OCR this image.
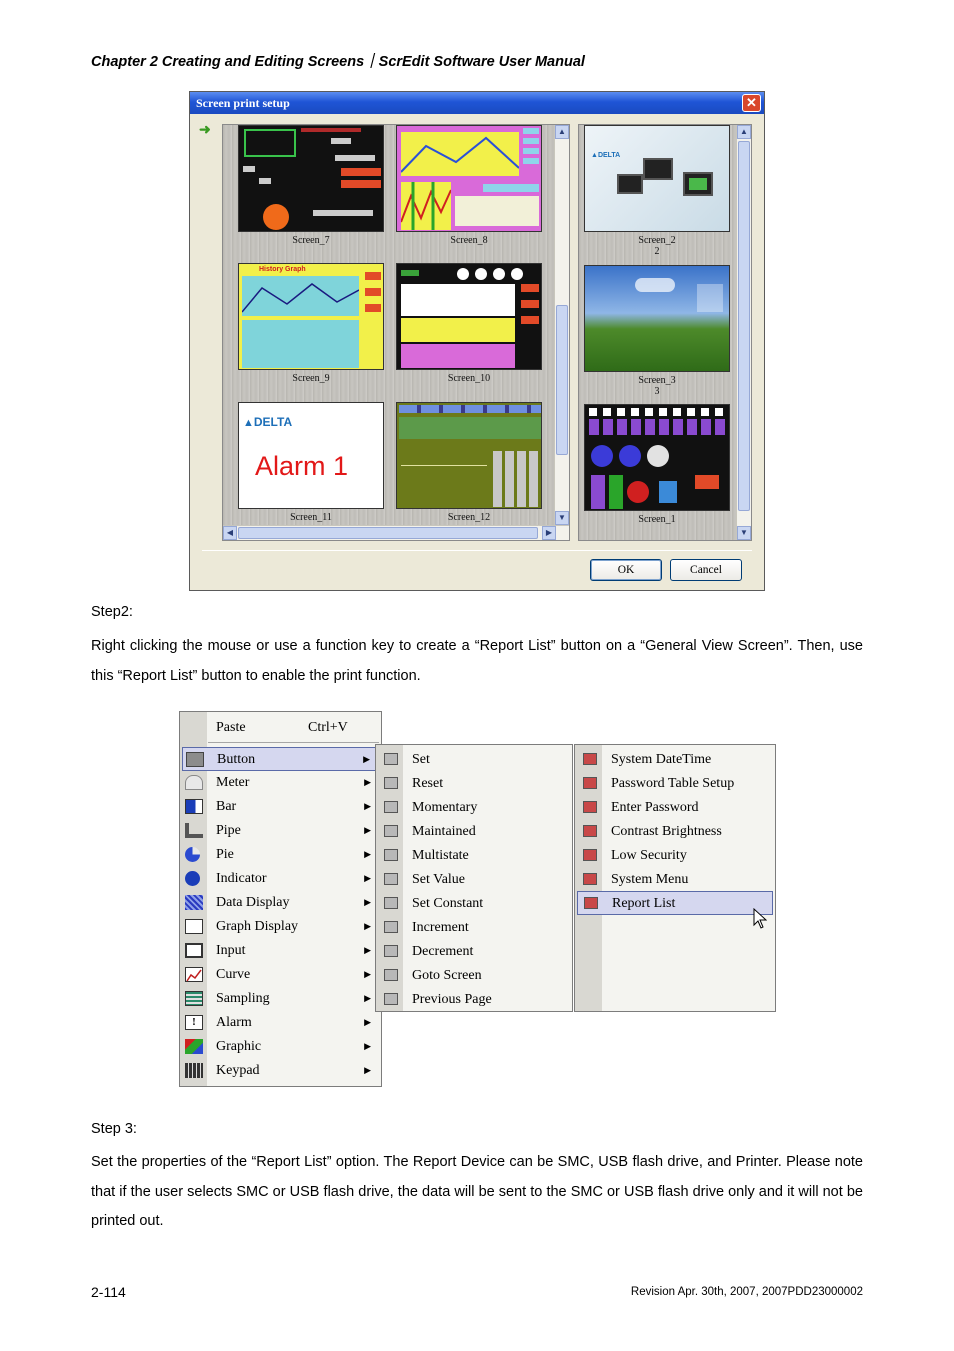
Chapter 2 Creating and Editing Screens｜ScrEdit Software User Manual
Screen print setup	✕
➜
Screen_7	Screen_8
History Graph
Screen_9	Screen_10
▲DELTA
Alarm 1
Screen_11	Screen_12
▲
▼
◀	▶
▲DELTA
Screen_2
2
Screen_3
3
Screen_1
▲
▼
OK	Cancel
Step2:
Right clicking the mouse or use a function key to create a “Report List” button on a “General View Screen”. Then, use this “Report List” button to enable the print function.
Paste	Ctrl+V
Button	▶
Meter	▶
Bar	▶
Pipe	▶
Pie	▶
Indicator	▶
Data Display	▶
Graph Display	▶
Input	▶
Curve	▶
Sampling	▶
!	Alarm	▶
Graphic	▶
Keypad	▶
Set
Reset
Momentary
Maintained
Multistate
Set Value
Set Constant
Increment
Decrement
Goto Screen
Previous Page
System DateTime
Password Table Setup
Enter Password
Contrast Brightness
Low Security
System Menu
Report List
Step 3:
Set the properties of the “Report List” option. The Report Device can be SMC, USB flash drive, and Printer. Please note that if the user selects SMC or USB flash drive, the data will be sent to the SMC or USB flash drive only and it will not be printed out.
2-114	Revision Apr. 30th, 2007, 2007PDD23000002
